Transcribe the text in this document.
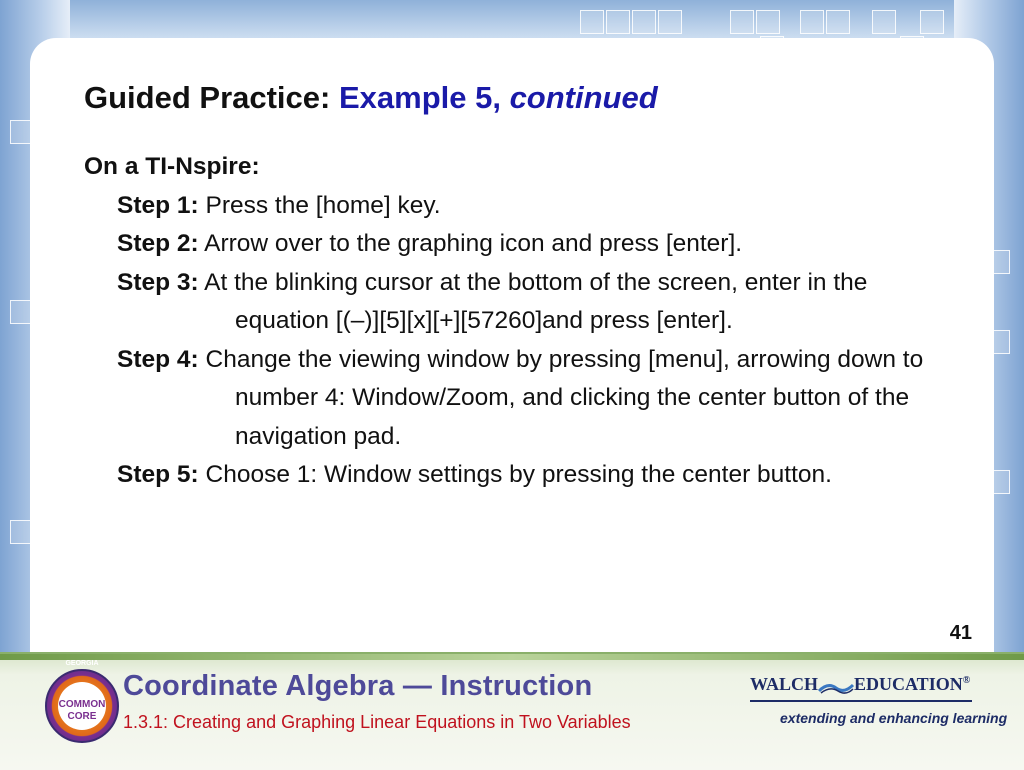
Guided Practice: Example 5, continued
On a TI-Nspire:
Step 1: Press the [home] key.
Step 2: Arrow over to the graphing icon and press [enter].
Step 3: At the blinking cursor at the bottom of the screen, enter in the equation [(–)][5][x][+][57260]and press [enter].
Step 4: Change the viewing window by pressing [menu], arrowing down to number 4: Window/Zoom, and clicking the center button of the navigation pad.
Step 5: Choose 1: Window settings by pressing the center button.
41
GEORGIA
COMMON
CORE
Coordinate Algebra — Instruction
1.3.1: Creating and Graphing Linear Equations in Two Variables
WALCH EDUCATION®
extending and enhancing learning
